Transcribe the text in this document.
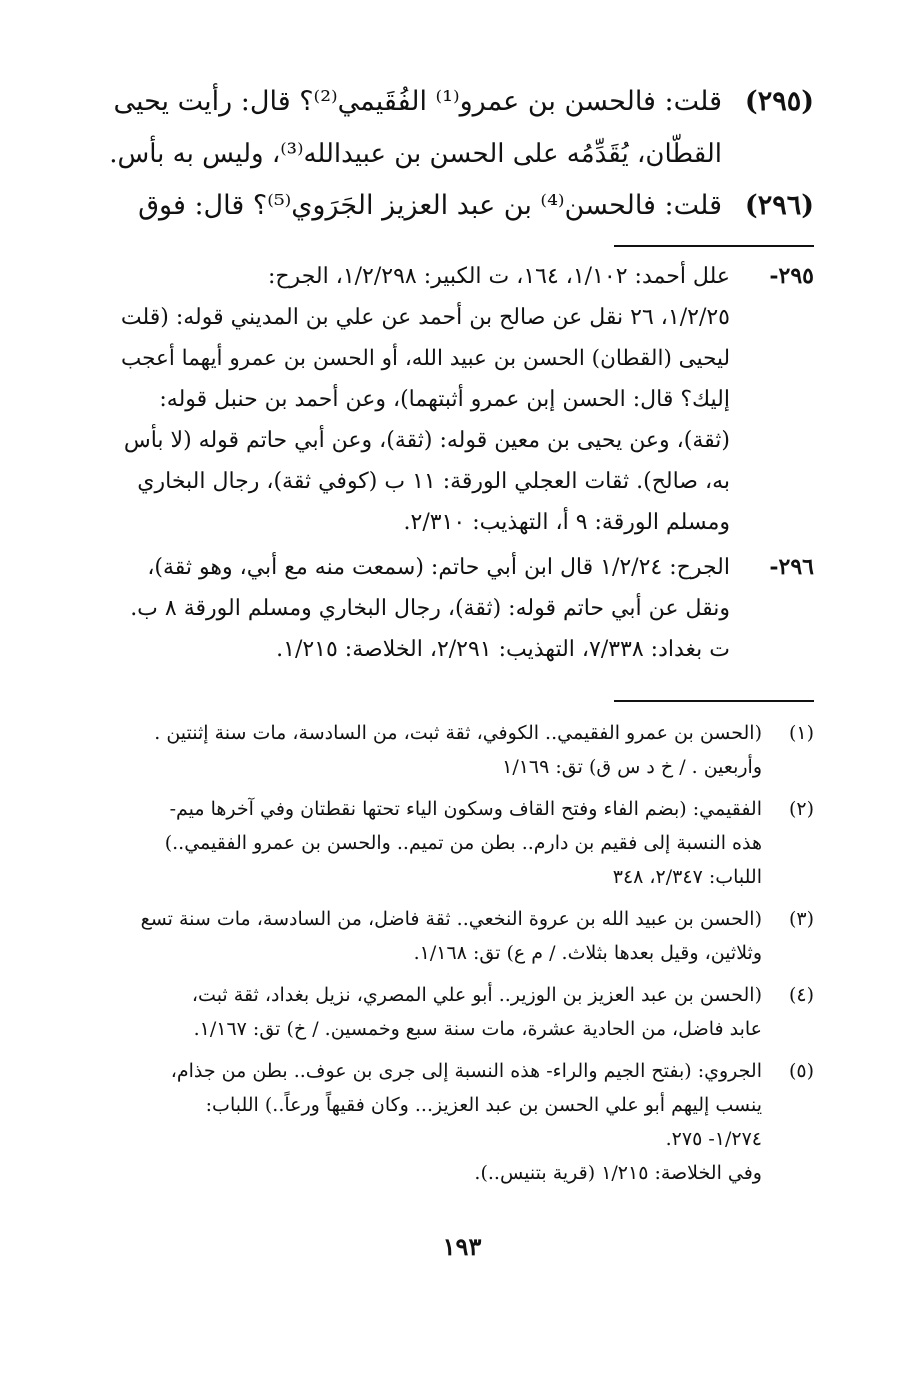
(٢٩٥)
قلت: فالحسن بن عمرو⁽¹⁾ الفُقَيمي⁽²⁾؟ قال: رأيت يحيى
القطّان، يُقَدِّمُه على الحسن بن عبيدالله⁽³⁾، وليس به بأس.
(٢٩٦)
قلت: فالحسن⁽⁴⁾ بن عبد العزيز الجَرَوي⁽⁵⁾؟ قال: فوق
٢٩٥-
علل أحمد: ١/١٠٢، ١٦٤، ت الكبير: ١/٢/٢٩٨، الجرح:
١/٢/٢٥، ٢٦ نقل عن صالح بن أحمد عن علي بن المديني قوله: (قلت
ليحيى (القطان) الحسن بن عبيد الله، أو الحسن بن عمرو أيهما أعجب
إليك؟ قال: الحسن إبن عمرو أثبتهما)، وعن أحمد بن حنبل قوله:
(ثقة)، وعن يحيى بن معين قوله: (ثقة)، وعن أبي حاتم قوله (لا بأس
به، صالح). ثقات العجلي الورقة: ١١ ب (كوفي ثقة)، رجال البخاري
ومسلم الورقة: ٩ أ، التهذيب: ٢/٣١٠.
٢٩٦-
الجرح: ١/٢/٢٤ قال ابن أبي حاتم: (سمعت منه مع أبي، وهو ثقة)،
ونقل عن أبي حاتم قوله: (ثقة)، رجال البخاري ومسلم الورقة ٨ ب.
ت بغداد: ٧/٣٣٨، التهذيب: ٢/٢٩١، الخلاصة: ١/٢١٥.
(١)
(الحسن بن عمرو الفقيمي.. الكوفي، ثقة ثبت، من السادسة، مات سنة إثنتين .
وأربعين . / خ د س ق) تق: ١/١٦٩
(٢)
الفقيمي: (بضم الفاء وفتح القاف وسكون الياء تحتها نقطتان وفي آخرها ميم-
هذه النسبة إلى فقيم بن دارم.. بطن من تميم.. والحسن بن عمرو الفقيمي..)
اللباب: ٢/٣٤٧، ٣٤٨
(٣)
(الحسن بن عبيد الله بن عروة النخعي.. ثقة فاضل، من السادسة، مات سنة تسع
وثلاثين، وقيل بعدها بثلاث. / م ع) تق: ١/١٦٨.
(٤)
(الحسن بن عبد العزيز بن الوزير.. أبو علي المصري، نزيل بغداد، ثقة ثبت،
عابد فاضل، من الحادية عشرة، مات سنة سبع وخمسين. / خ) تق: ١/١٦٧.
(٥)
الجروي: (بفتح الجيم والراء- هذه النسبة إلى جرى بن عوف.. بطن من جذام،
ينسب إليهم أبو علي الحسن بن عبد العزيز... وكان فقيهاً ورعاً..) اللباب:
١/٢٧٤- ٢٧٥.
وفي الخلاصة: ١/٢١٥ (قرية بتنيس..).
١٩٣
